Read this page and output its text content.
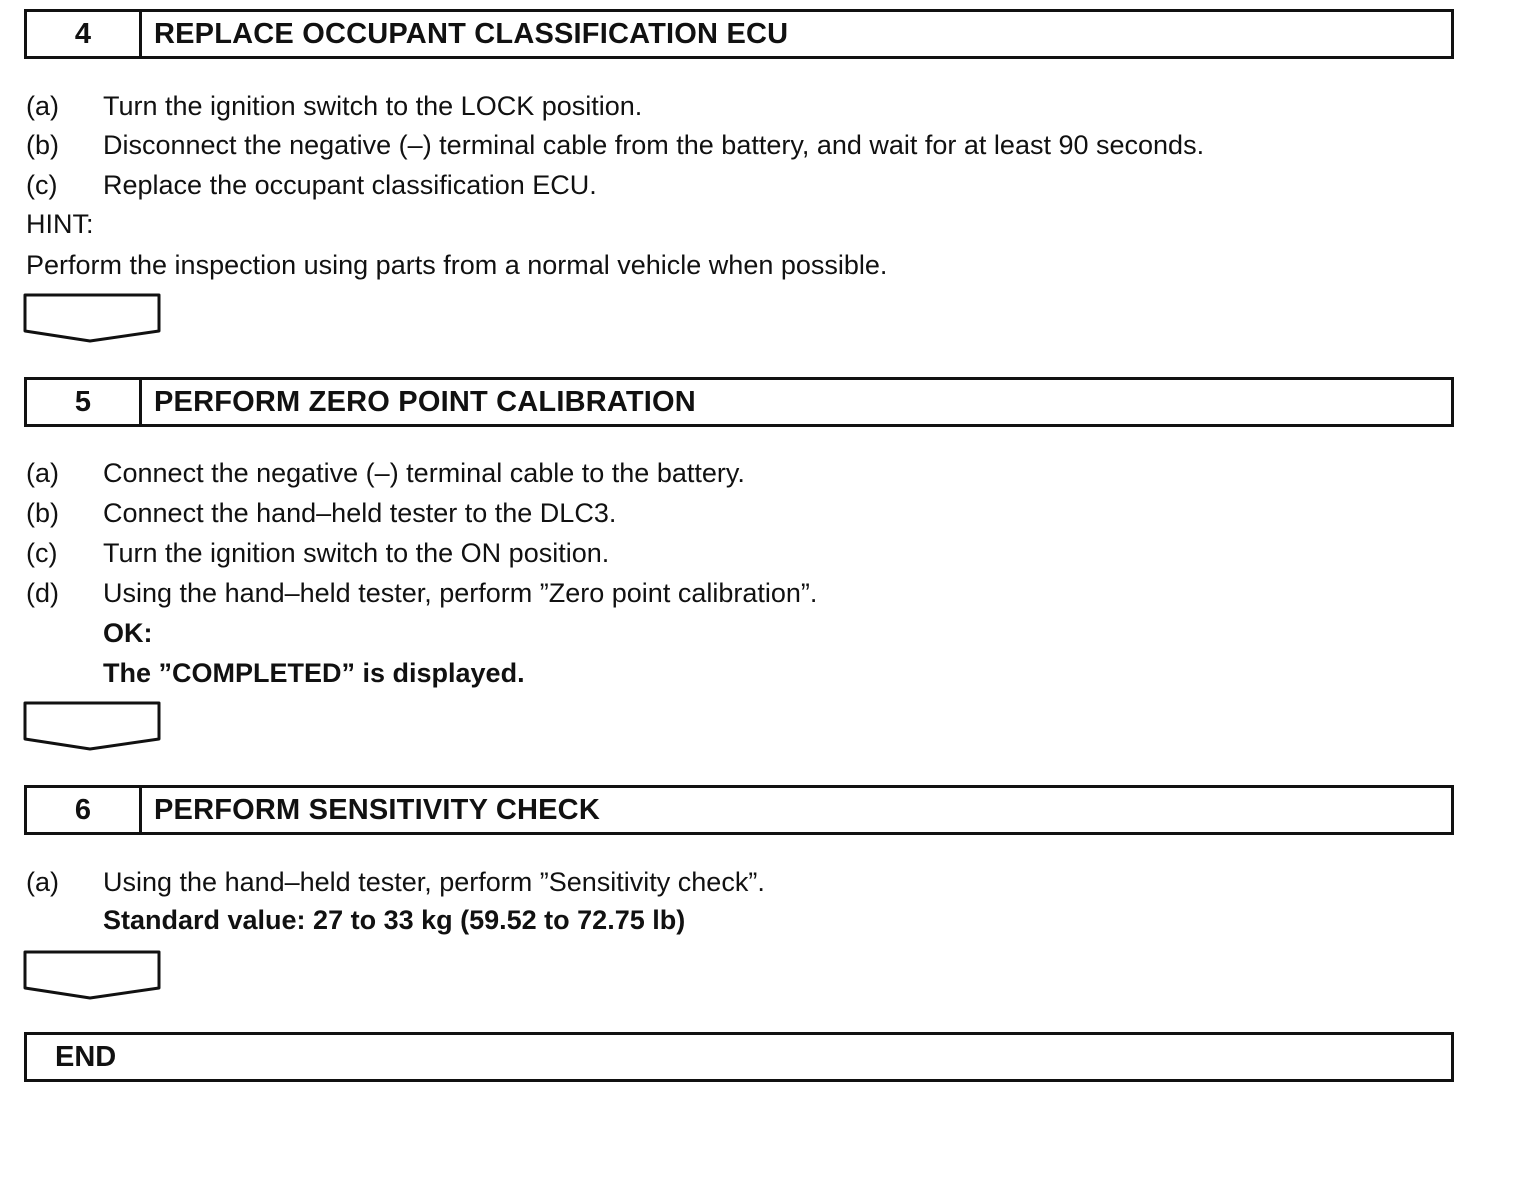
4	REPLACE OCCUPANT CLASSIFICATION ECU
(a) Turn the ignition switch to the LOCK position.
(b) Disconnect the negative (–) terminal cable from the battery, and wait for at least 90 seconds.
(c) Replace the occupant classification ECU.
HINT:
Perform the inspection using parts from a normal vehicle when possible.
5	PERFORM ZERO POINT CALIBRATION
(a) Connect the negative (–) terminal cable to the battery.
(b) Connect the hand–held tester to the DLC3.
(c) Turn the ignition switch to the ON position.
(d) Using the hand–held tester, perform ”Zero point calibration”.
OK:
The ”COMPLETED” is displayed.
6	PERFORM SENSITIVITY CHECK
(a) Using the hand–held tester, perform ”Sensitivity check”.
Standard value: 27 to 33 kg (59.52 to 72.75 lb)
END
